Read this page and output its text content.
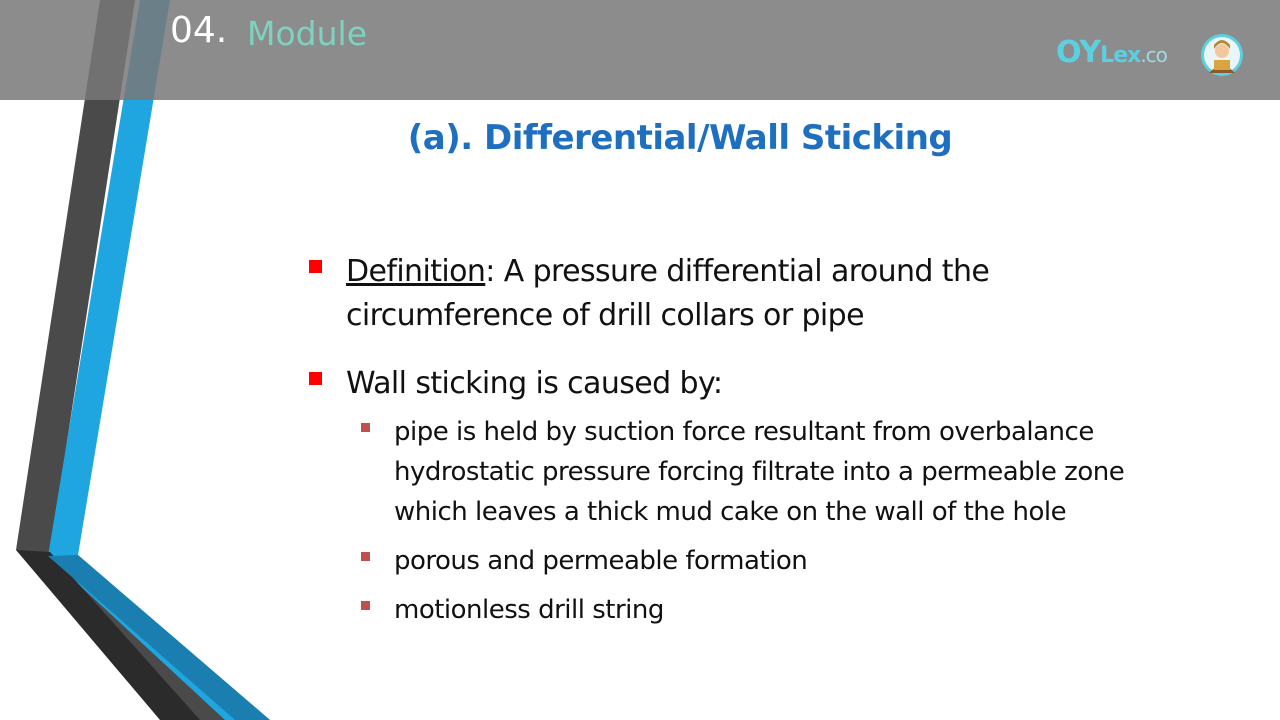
04. Module	OYLex.co
(a). Differential/Wall Sticking
Definition: A pressure differential around the circumference of drill collars or pipe
Wall sticking is caused by:
pipe is held by suction force resultant from overbalance hydrostatic pressure forcing filtrate into a permeable zone which leaves a thick mud cake on the wall of the hole
porous and permeable formation
motionless drill string
